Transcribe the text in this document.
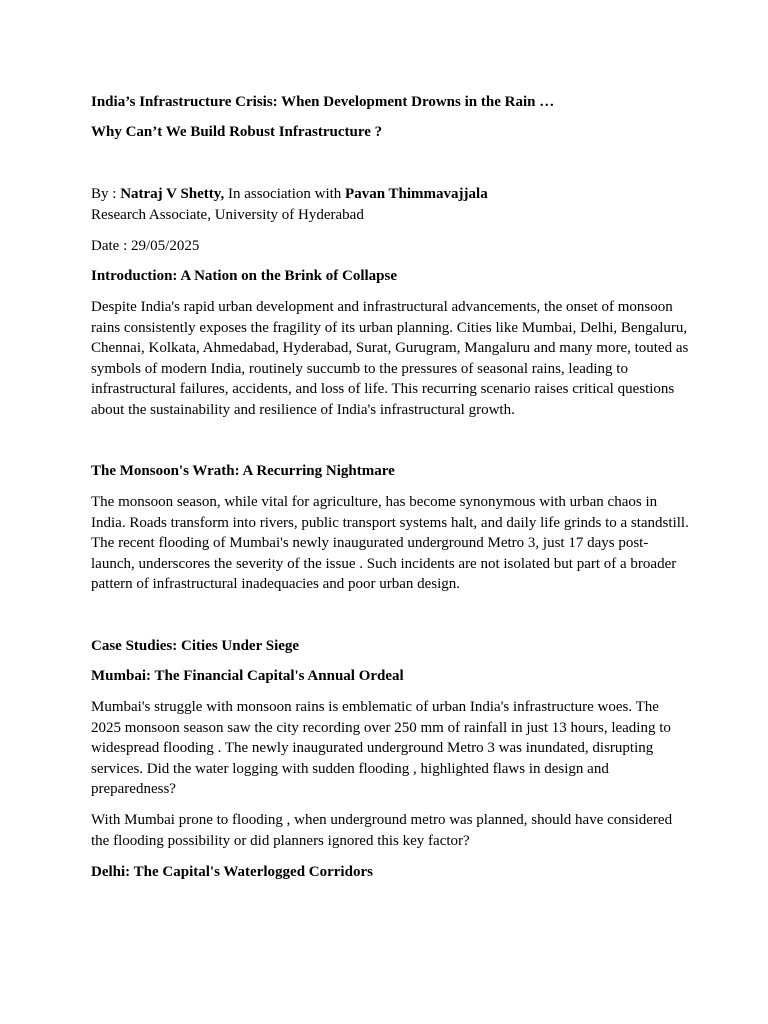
India’s Infrastructure Crisis: When Development Drowns in the Rain …

Why Can’t We Build Robust Infrastructure ?

By : Natraj V Shetty, In association with Pavan Thimmavajjala

Research Associate, University of Hyderabad

Date : 29/05/2025

Introduction: A Nation on the Brink of Collapse

Despite India's rapid urban development and infrastructural advancements, the onset of monsoon rains consistently exposes the fragility of its urban planning. Cities like Mumbai, Delhi, Bengaluru, Chennai, Kolkata, Ahmedabad, Hyderabad, Surat, Gurugram, Mangaluru and many more, touted as symbols of modern India, routinely succumb to the pressures of seasonal rains, leading to infrastructural failures, accidents, and loss of life. This recurring scenario raises critical questions about the sustainability and resilience of India's infrastructural growth.

The Monsoon's Wrath: A Recurring Nightmare

The monsoon season, while vital for agriculture, has become synonymous with urban chaos in India. Roads transform into rivers, public transport systems halt, and daily life grinds to a standstill. The recent flooding of Mumbai's newly inaugurated underground Metro 3, just 17 days post-launch, underscores the severity of the issue . Such incidents are not isolated but part of a broader pattern of infrastructural inadequacies and poor urban design.

Case Studies: Cities Under Siege

Mumbai: The Financial Capital's Annual Ordeal

Mumbai's struggle with monsoon rains is emblematic of urban India's infrastructure woes. The 2025 monsoon season saw the city recording over 250 mm of rainfall in just 13 hours, leading to widespread flooding . The newly inaugurated underground Metro 3 was inundated, disrupting services. Did the water logging with sudden flooding , highlighted flaws in design and preparedness?

With Mumbai prone to flooding , when underground metro was planned, should have considered the flooding possibility or did planners ignored this key factor?

Delhi: The Capital's Waterlogged Corridors
